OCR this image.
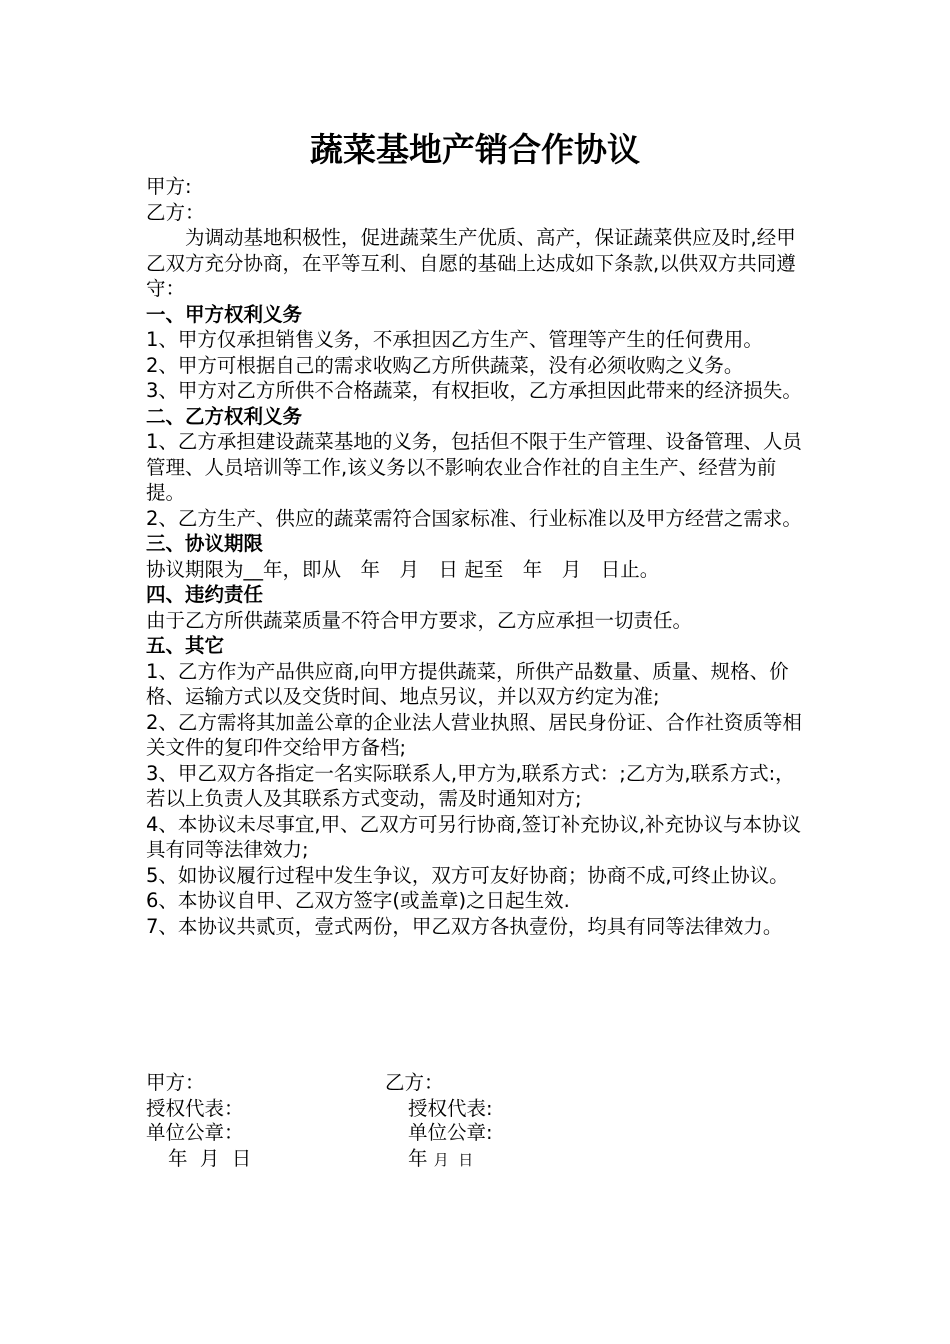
蔬菜基地产销合作协议

甲方:

乙方：

为调动基地积极性，促进蔬菜生产优质、高产，保证蔬菜供应及时,经甲乙双方充分协商，在平等互利、自愿的基础上达成如下条款,以供双方共同遵守：

一、甲方权利义务

1、甲方仅承担销售义务，不承担因乙方生产、管理等产生的任何费用。

2、甲方可根据自己的需求收购乙方所供蔬菜，没有必须收购之义务。

3、甲方对乙方所供不合格蔬菜，有权拒收，乙方承担因此带来的经济损失。

二、乙方权利义务

1、乙方承担建设蔬菜基地的义务，包括但不限于生产管理、设备管理、人员管理、人员培训等工作,该义务以不影响农业合作社的自主生产、经营为前提。

2、乙方生产、供应的蔬菜需符合国家标准、行业标准以及甲方经营之需求。

三、协议期限

协议期限为__年，即从　年　月　日 起至　年　月　日止。

四、违约责任

由于乙方所供蔬菜质量不符合甲方要求，乙方应承担一切责任。

五、其它

1、乙方作为产品供应商,向甲方提供蔬菜，所供产品数量、质量、规格、价格、运输方式以及交货时间、地点另议，并以双方约定为准;

2、乙方需将其加盖公章的企业法人营业执照、居民身份证、合作社资质等相关文件的复印件交给甲方备档;

3、甲乙双方各指定一名实际联系人,甲方为,联系方式：;乙方为,联系方式:，若以上负责人及其联系方式变动，需及时通知对方;

4、本协议未尽事宜,甲、乙双方可另行协商,签订补充协议,补充协议与本协议具有同等法律效力;

5、如协议履行过程中发生争议，双方可友好协商；协商不成,可终止协议。

6、本协议自甲、乙双方签字(或盖章)之日起生效.

7、本协议共贰页，壹式两份，甲乙双方各执壹份，均具有同等法律效力。

甲方：	乙方：
授权代表：	授权代表:
单位公章：	单位公章:
年  月  日	年 月  日
